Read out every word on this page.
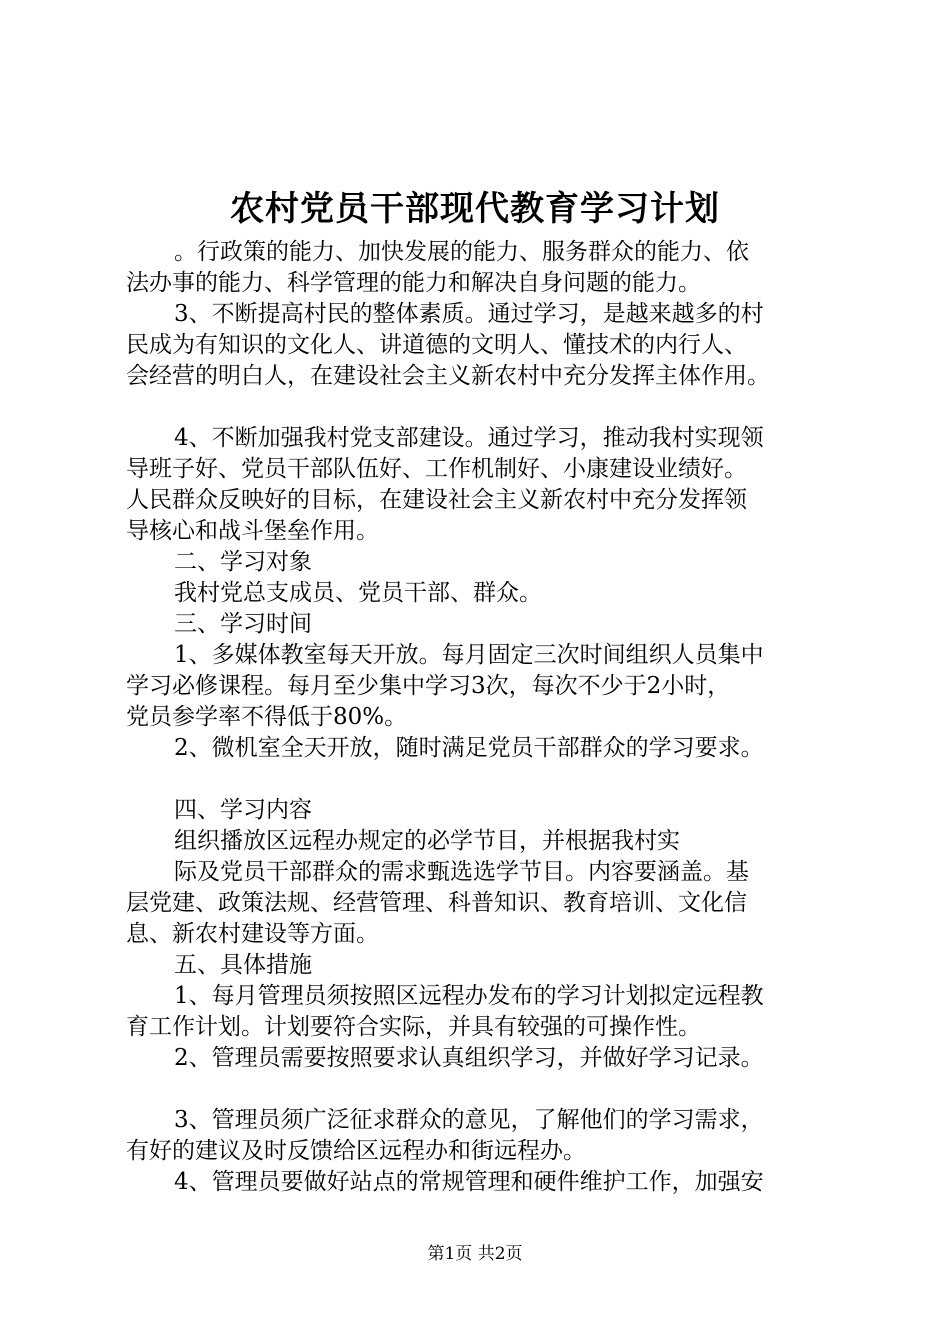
农村党员干部现代教育学习计划
。行政策的能力、加快发展的能力、服务群众的能力、依
法办事的能力、科学管理的能力和解决自身问题的能力。
3、不断提高村民的整体素质。通过学习，是越来越多的村
民成为有知识的文化人、讲道德的文明人、懂技术的内行人、
会经营的明白人，在建设社会主义新农村中充分发挥主体作用。
4、不断加强我村党支部建设。通过学习，推动我村实现领
导班子好、党员干部队伍好、工作机制好、小康建设业绩好。
人民群众反映好的目标，在建设社会主义新农村中充分发挥领
导核心和战斗堡垒作用。
二、学习对象
我村党总支成员、党员干部、群众。
三、学习时间
1、多媒体教室每天开放。每月固定三次时间组织人员集中
学习必修课程。每月至少集中学习3次，每次不少于2小时，
党员参学率不得低于80%。
2、微机室全天开放，随时满足党员干部群众的学习要求。
四、学习内容
组织播放区远程办规定的必学节目，并根据我村实
际及党员干部群众的需求甄选选学节目。内容要涵盖。基
层党建、政策法规、经营管理、科普知识、教育培训、文化信
息、新农村建设等方面。
五、具体措施
1、每月管理员须按照区远程办发布的学习计划拟定远程教
育工作计划。计划要符合实际，并具有较强的可操作性。
2、管理员需要按照要求认真组织学习，并做好学习记录。
3、管理员须广泛征求群众的意见，了解他们的学习需求，
有好的建议及时反馈给区远程办和街远程办。
4、管理员要做好站点的常规管理和硬件维护工作，加强安
第1页 共2页
